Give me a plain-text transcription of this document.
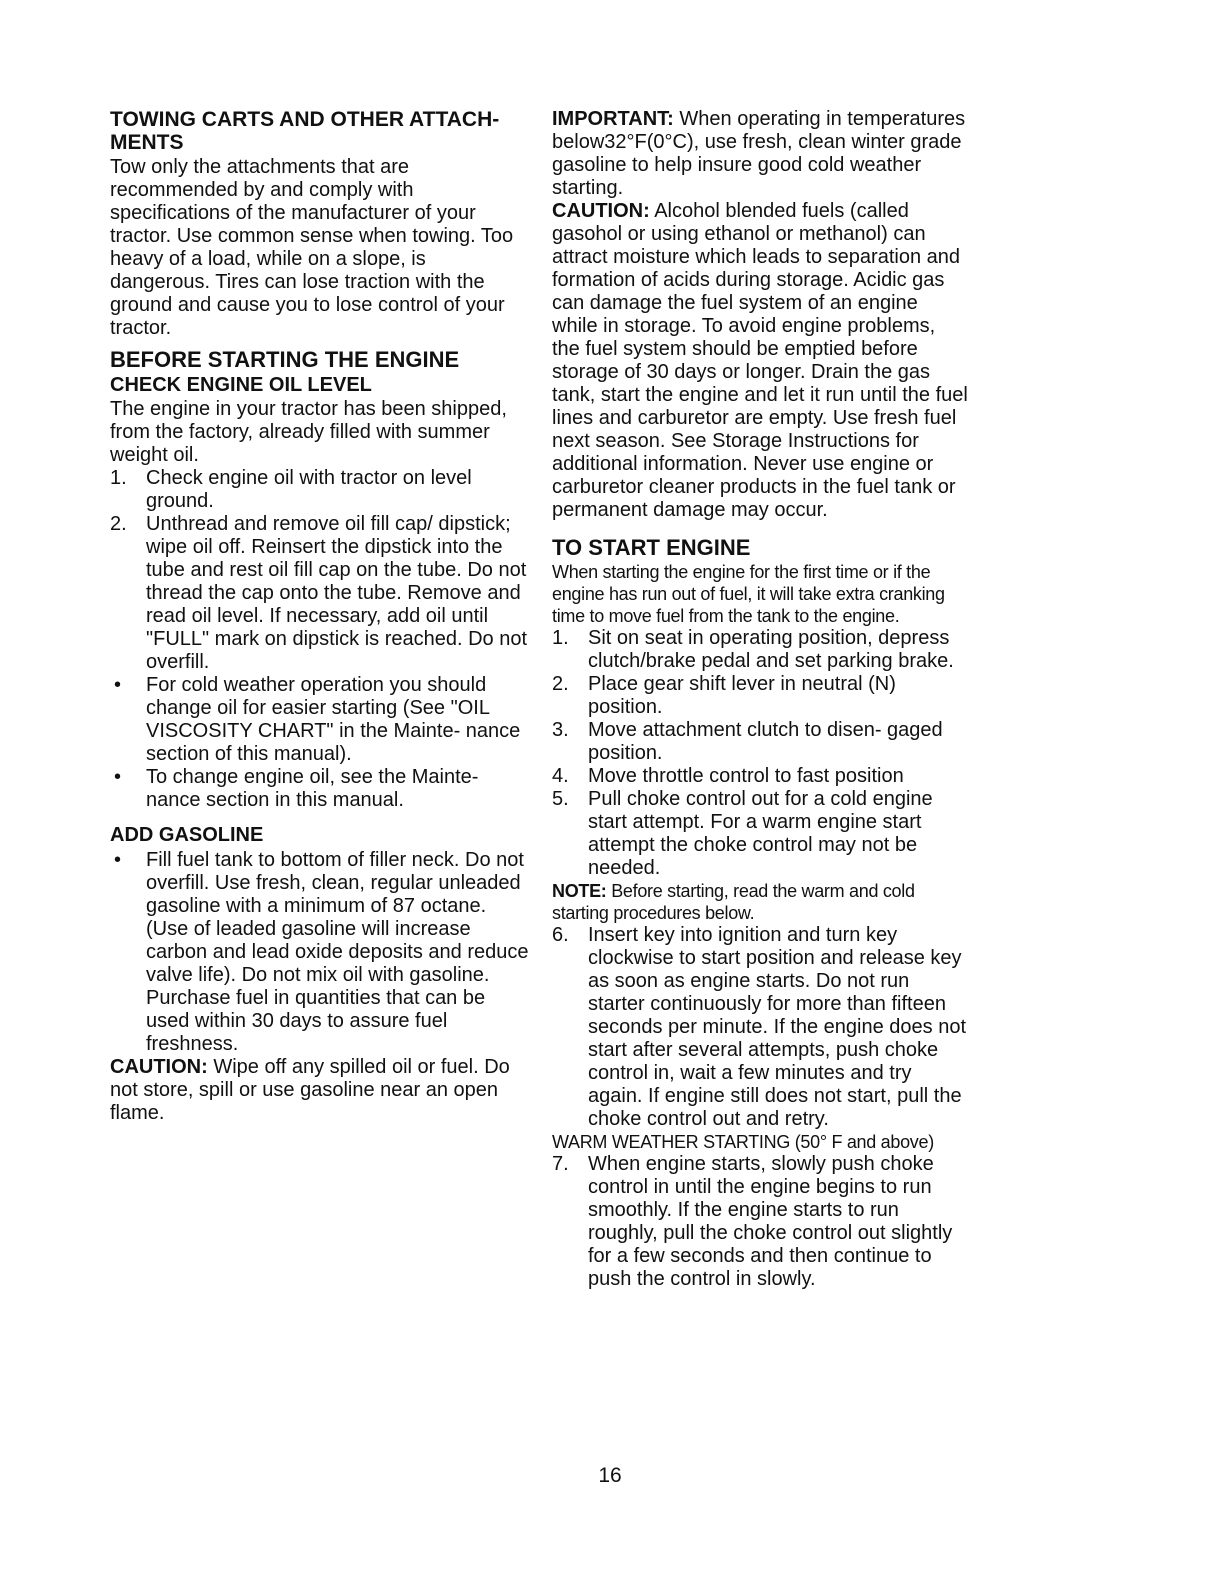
TOWING CARTS AND OTHER ATTACH- MENTS

Tow only the attachments that are recommended by and comply with specifications of the manufacturer of your tractor. Use common sense when towing. Too heavy of a load, while on a slope, is dangerous. Tires can lose traction with the ground and cause you to lose control of your tractor.

BEFORE STARTING THE ENGINE

CHECK ENGINE OIL LEVEL

The engine in your tractor has been shipped, from the factory, already filled with summer weight oil.

1. Check engine oil with tractor on level ground.
2. Unthread and remove oil fill cap/ dipstick; wipe oil off. Reinsert the dipstick into the tube and rest oil fill cap on the tube. Do not thread the cap onto the tube. Remove and read oil level. If necessary, add oil until "FULL" mark on dipstick is reached. Do not overfill.
• For cold weather operation you should change oil for easier starting (See "OIL VISCOSITY CHART" in the Mainte- nance section of this manual).
• To change engine oil, see the Mainte- nance section in this manual.

ADD GASOLINE

• Fill fuel tank to bottom of filler neck. Do not overfill. Use fresh, clean, regular unleaded gasoline with a minimum of 87 octane. (Use of leaded gasoline will increase carbon and lead oxide deposits and reduce valve life). Do not mix oil with gasoline. Purchase fuel in quantities that can be used within 30 days to assure fuel freshness.

CAUTION: Wipe off any spilled oil or fuel. Do not store, spill or use gasoline near an open flame.

IMPORTANT: When operating in temperatures below32°F(0°C), use fresh, clean winter grade gasoline to help insure good cold weather starting.

CAUTION: Alcohol blended fuels (called gasohol or using ethanol or methanol) can attract moisture which leads to separation and formation of acids during storage. Acidic gas can damage the fuel system of an engine while in storage. To avoid engine problems, the fuel system should be emptied before storage of 30 days or longer. Drain the gas tank, start the engine and let it run until the fuel lines and carburetor are empty. Use fresh fuel next season. See Storage Instructions for additional information. Never use engine or carburetor cleaner products in the fuel tank or permanent damage may occur.

TO START ENGINE

When starting the engine for the first time or if the engine has run out of fuel, it will take extra cranking time to move fuel from the tank to the engine.

1. Sit on seat in operating position, depress clutch/brake pedal and set parking brake.
2. Place gear shift lever in neutral (N) position.
3. Move attachment clutch to disen- gaged position.
4. Move throttle control to fast position
5. Pull choke control out for a cold engine start attempt. For a warm engine start attempt the choke control may not be needed.

NOTE: Before starting, read the warm and cold starting procedures below.

6. Insert key into ignition and turn key clockwise to start position and release key as soon as engine starts. Do not run starter continuously for more than fifteen seconds per minute. If the engine does not start after several attempts, push choke control in, wait a few minutes and try again. If engine still does not start, pull the choke control out and retry.

WARM WEATHER STARTING (50° F and above)

7. When engine starts, slowly push choke control in until the engine begins to run smoothly. If the engine starts to run roughly, pull the choke control out slightly for a few seconds and then continue to push the control in slowly.
16
